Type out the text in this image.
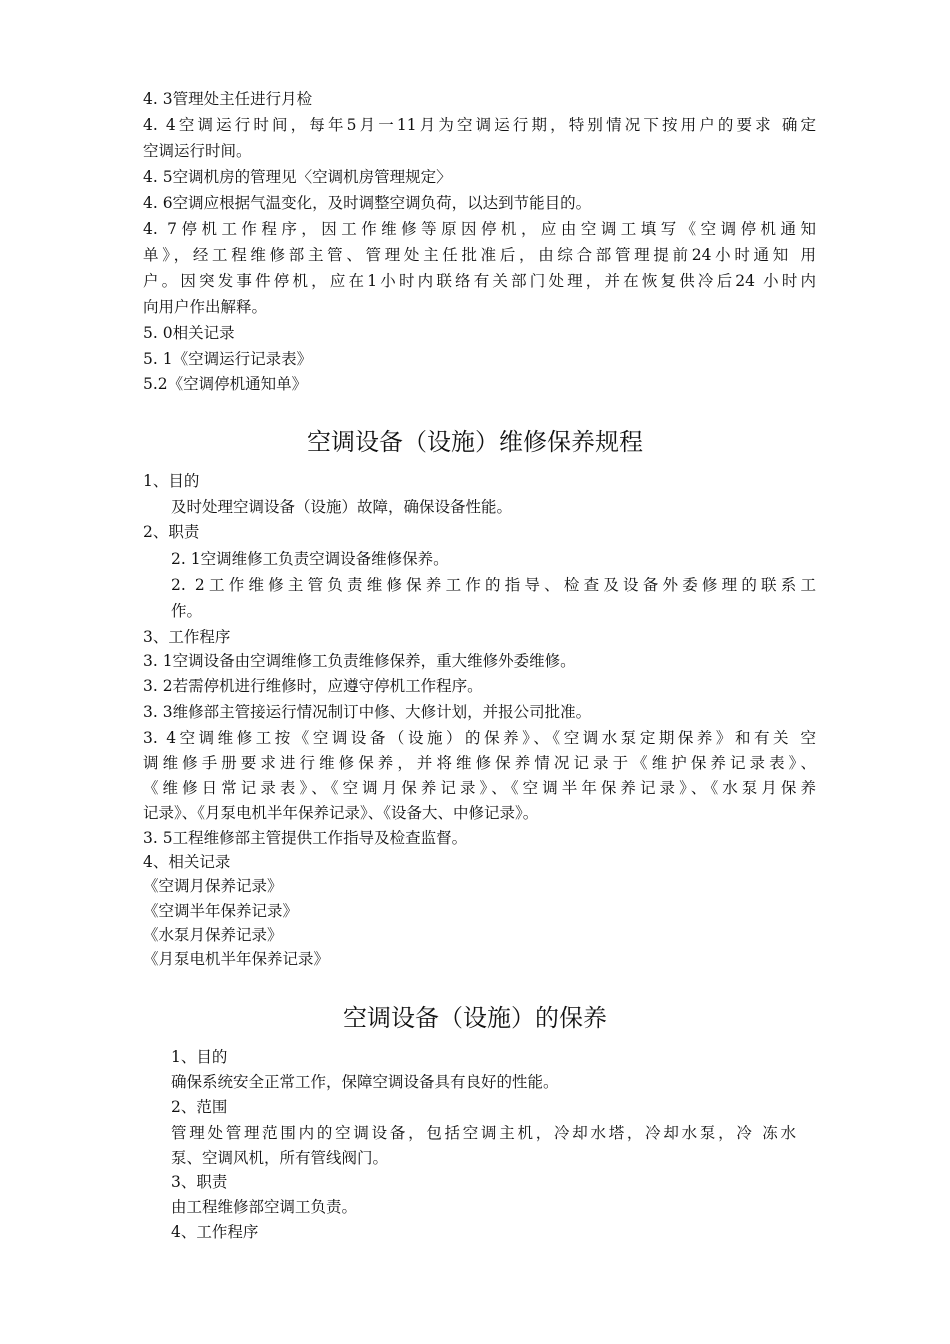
4. 3管理处主任进行月检
4. 4空调运行时间，每年5月一11月为空调运行期，特别情况下按用户的要求 确定
空调运行时间。
4. 5空调机房的管理见〈空调机房管理规定〉
4. 6空调应根据气温变化，及时调整空调负荷，以达到节能目的。
4. 7停机工作程序，因工作维修等原因停机，应由空调工填写《空调停机通知
单》，经工程维修部主管、管理处主任批准后，由综合部管理提前24小时通知 用
户。因突发事件停机，应在1小时内联络有关部门处理，并在恢复供冷后24 小时内
向用户作出解释。
5. 0相关记录
5. 1《空调运行记录表》
5.2《空调停机通知单》
空调设备（设施）维修保养规程
1、目的
及时处理空调设备（设施）故障，确保设备性能。
2、职责
2. 1空调维修工负责空调设备维修保养。
2. 2工作维修主管负责维修保养工作的指导、检查及设备外委修理的联系工
作。
3、工作程序
3. 1空调设备由空调维修工负责维修保养，重大维修外委维修。
3. 2若需停机进行维修时，应遵守停机工作程序。
3. 3维修部主管接运行情况制订中修、大修计划，并报公司批准。
3. 4空调维修工按《空调设备（设施）的保养》、《空调水泵定期保养》和有关 空
调维修手册要求进行维修保养，并将维修保养情况记录于《维护保养记录表》、
《维修日常记录表》、《空调月保养记录》、《空调半年保养记录》、《水泵月保养
记录》、《月泵电机半年保养记录》、《设备大、中修记录》。
3. 5工程维修部主管提供工作指导及检查监督。
4、相关记录
《空调月保养记录》
《空调半年保养记录》
《水泵月保养记录》
《月泵电机半年保养记录》
空调设备（设施）的保养
1、目的
确保系统安全正常工作，保障空调设备具有良好的性能。
2、范围
管理处管理范围内的空调设备，包括空调主机，冷却水塔，冷却水泵，冷 冻水
泵、空调风机，所有管线阀门。
3、职责
由工程维修部空调工负责。
4、工作程序
